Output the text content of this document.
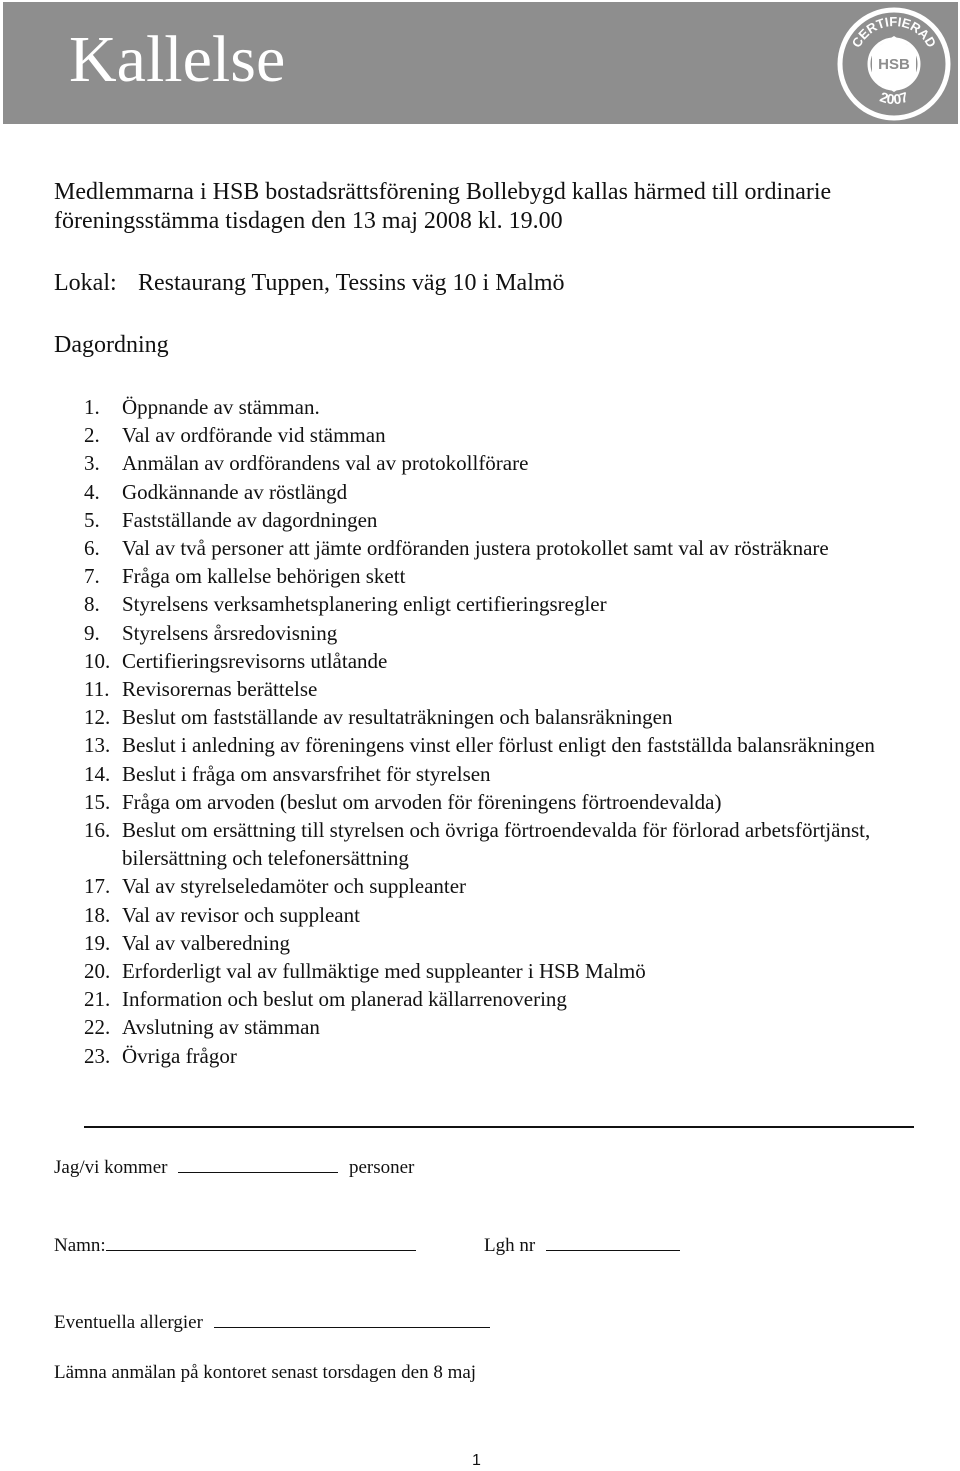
Kallelse	HSB
CERTIFIERAD
2007

Medlemmarna i HSB bostadsrättsförening Bollebygd kallas härmed till ordinarie föreningsstämma tisdagen den 13 maj 2008 kl. 19.00

Lokal: Restaurang Tuppen, Tessins väg 10 i Malmö
Dagordning
1. Öppnande av stämman.
2. Val av ordförande vid stämman
3. Anmälan av ordförandens val av protokollförare
4. Godkännande av röstlängd
5. Fastställande av dagordningen
6. Val av två personer att jämte ordföranden justera protokollet samt val av rösträknare
7. Fråga om kallelse behörigen skett
8. Styrelsens verksamhetsplanering enligt certifieringsregler
9. Styrelsens årsredovisning
10. Certifieringsrevisorns utlåtande
11. Revisorernas berättelse
12. Beslut om fastställande av resultaträkningen och balansräkningen
13. Beslut i anledning av föreningens vinst eller förlust enligt den fastställda balansräkningen
14. Beslut i fråga om ansvarsfrihet för styrelsen
15. Fråga om arvoden (beslut om arvoden för föreningens förtroendevalda)
16. Beslut om ersättning till styrelsen och övriga förtroendevalda för förlorad arbetsförtjänst, bilersättning och telefonersättning
17. Val av styrelseledamöter och suppleanter
18. Val av revisor och suppleant
19. Val av valberedning
20. Erforderligt val av fullmäktige med suppleanter i HSB Malmö
21. Information och beslut om planerad källarrenovering
22. Avslutning av stämman
23. Övriga frågor
Jag/vi kommer	personer
Namn:	Lgh nr
Eventuella allergier
Lämna anmälan på kontoret senast torsdagen den 8 maj
1
